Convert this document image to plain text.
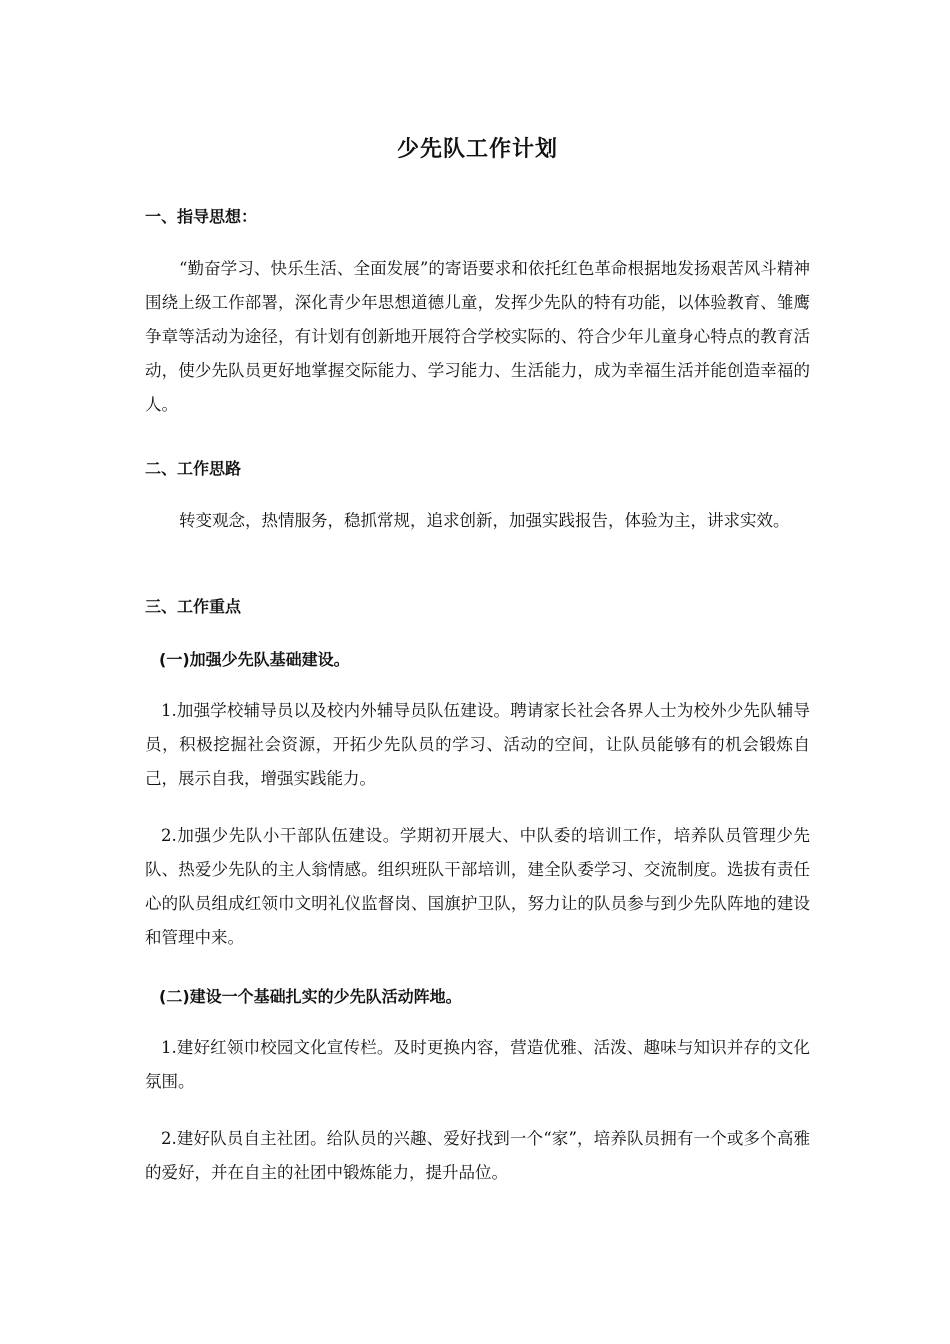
少先队工作计划
一、指导思想：
“勤奋学习、快乐生活、全面发展”的寄语要求和依托红色革命根据地发扬艰苦风斗精神围绕上级工作部署，深化青少年思想道德儿童，发挥少先队的特有功能，以体验教育、雏鹰争章等活动为途径，有计划有创新地开展符合学校实际的、符合少年儿童身心特点的教育活动，使少先队员更好地掌握交际能力、学习能力、生活能力，成为幸福生活并能创造幸福的人。
二、工作思路
转变观念，热情服务，稳抓常规，追求创新，加强实践报告，体验为主，讲求实效。
三、工作重点
(一)加强少先队基础建设。
1.加强学校辅导员以及校内外辅导员队伍建设。聘请家长社会各界人士为校外少先队辅导员，积极挖掘社会资源，开拓少先队员的学习、活动的空间，让队员能够有的机会锻炼自己，展示自我，增强实践能力。
2.加强少先队小干部队伍建设。学期初开展大、中队委的培训工作，培养队员管理少先队、热爱少先队的主人翁情感。组织班队干部培训，建全队委学习、交流制度。选拔有责任心的队员组成红领巾文明礼仪监督岗、国旗护卫队，努力让的队员参与到少先队阵地的建设和管理中来。
(二)建设一个基础扎实的少先队活动阵地。
1.建好红领巾校园文化宣传栏。及时更换内容，营造优雅、活泼、趣味与知识并存的文化氛围。
2.建好队员自主社团。给队员的兴趣、爱好找到一个“家”，培养队员拥有一个或多个高雅的爱好，并在自主的社团中锻炼能力，提升品位。
